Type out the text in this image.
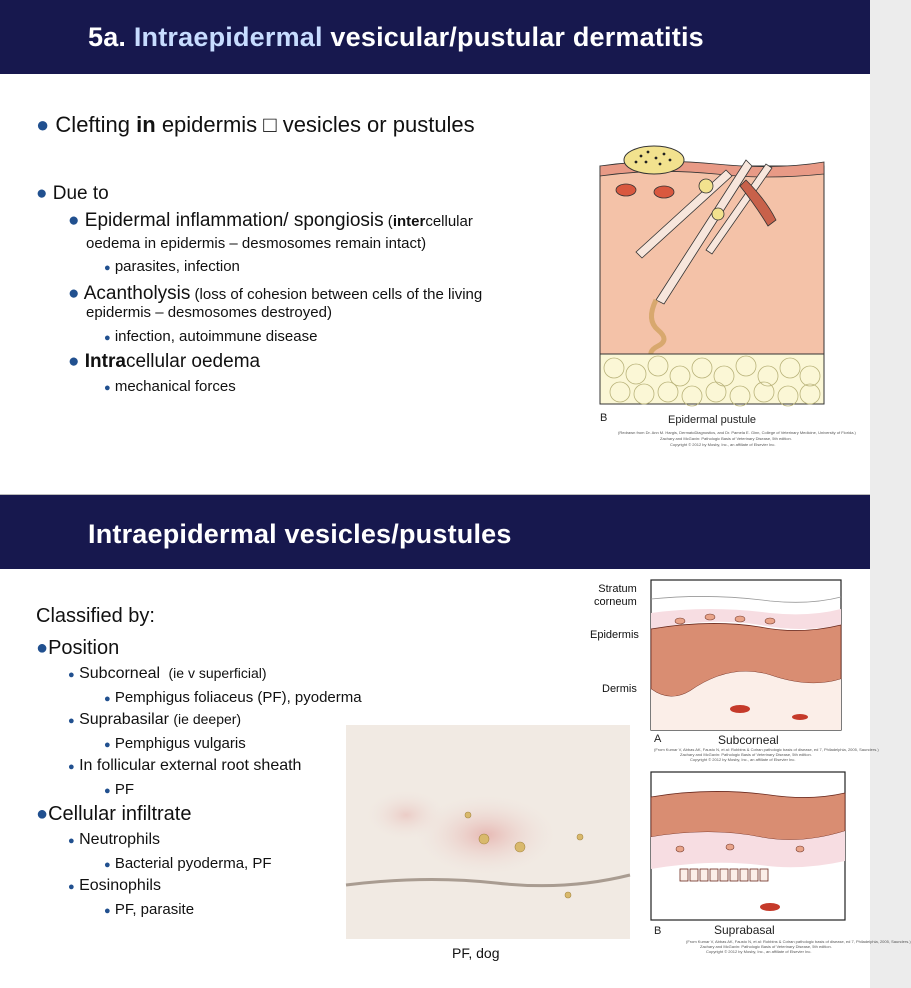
5a. Intraepidermal vesicular/pustular dermatitis
● Clefting in epidermis □ vesicles or pustules
● Due to
● Epidermal inflammation/ spongiosis (intercellular
oedema in epidermis – desmosomes remain intact)
● parasites, infection
● Acantholysis (loss of cohesion between cells of the living
epidermis – desmosomes destroyed)
● infection, autoimmune disease
● Intracellular oedema
● mechanical forces
B	Epidermal pustule
(Redrawn from Dr. Ann M. Hargis, DermatoDiagnostics, and Dr. Pamela E. Ginn, College of Veterinary Medicine, University of Florida.)
Zachary and McGavin: Pathologic Basis of Veterinary Disease, 5th edition.
Copyright © 2012 by Mosby, Inc., an affiliate of Elsevier Inc.
Intraepidermal vesicles/pustules
Classified by:
●Position
● Subcorneal (ie v superficial)
● Pemphigus foliaceus (PF), pyoderma
● Suprabasilar (ie deeper)
● Pemphigus vulgaris
● In follicular external root sheath
● PF
●Cellular infiltrate
● Neutrophils
● Bacterial pyoderma, PF
● Eosinophils
● PF, parasite
PF, dog
Stratum
corneum
Epidermis
Dermis
A	Subcorneal
(From Kumar V, Abbas AK, Fausto N, et al: Robbins & Cotran pathologic basis of disease, ed 7, Philadelphia, 2005, Saunders.)
Zachary and McGavin: Pathologic Basis of Veterinary Disease, 5th edition.
Copyright © 2012 by Mosby, Inc., an affiliate of Elsevier Inc.
B	Suprabasal
(From Kumar V, Abbas AK, Fausto N, et al: Robbins & Cotran pathologic basis of disease, ed 7, Philadelphia, 2005, Saunders.)
Zachary and McGavin: Pathologic Basis of Veterinary Disease, 5th edition.
Copyright © 2012 by Mosby, Inc., an affiliate of Elsevier Inc.
